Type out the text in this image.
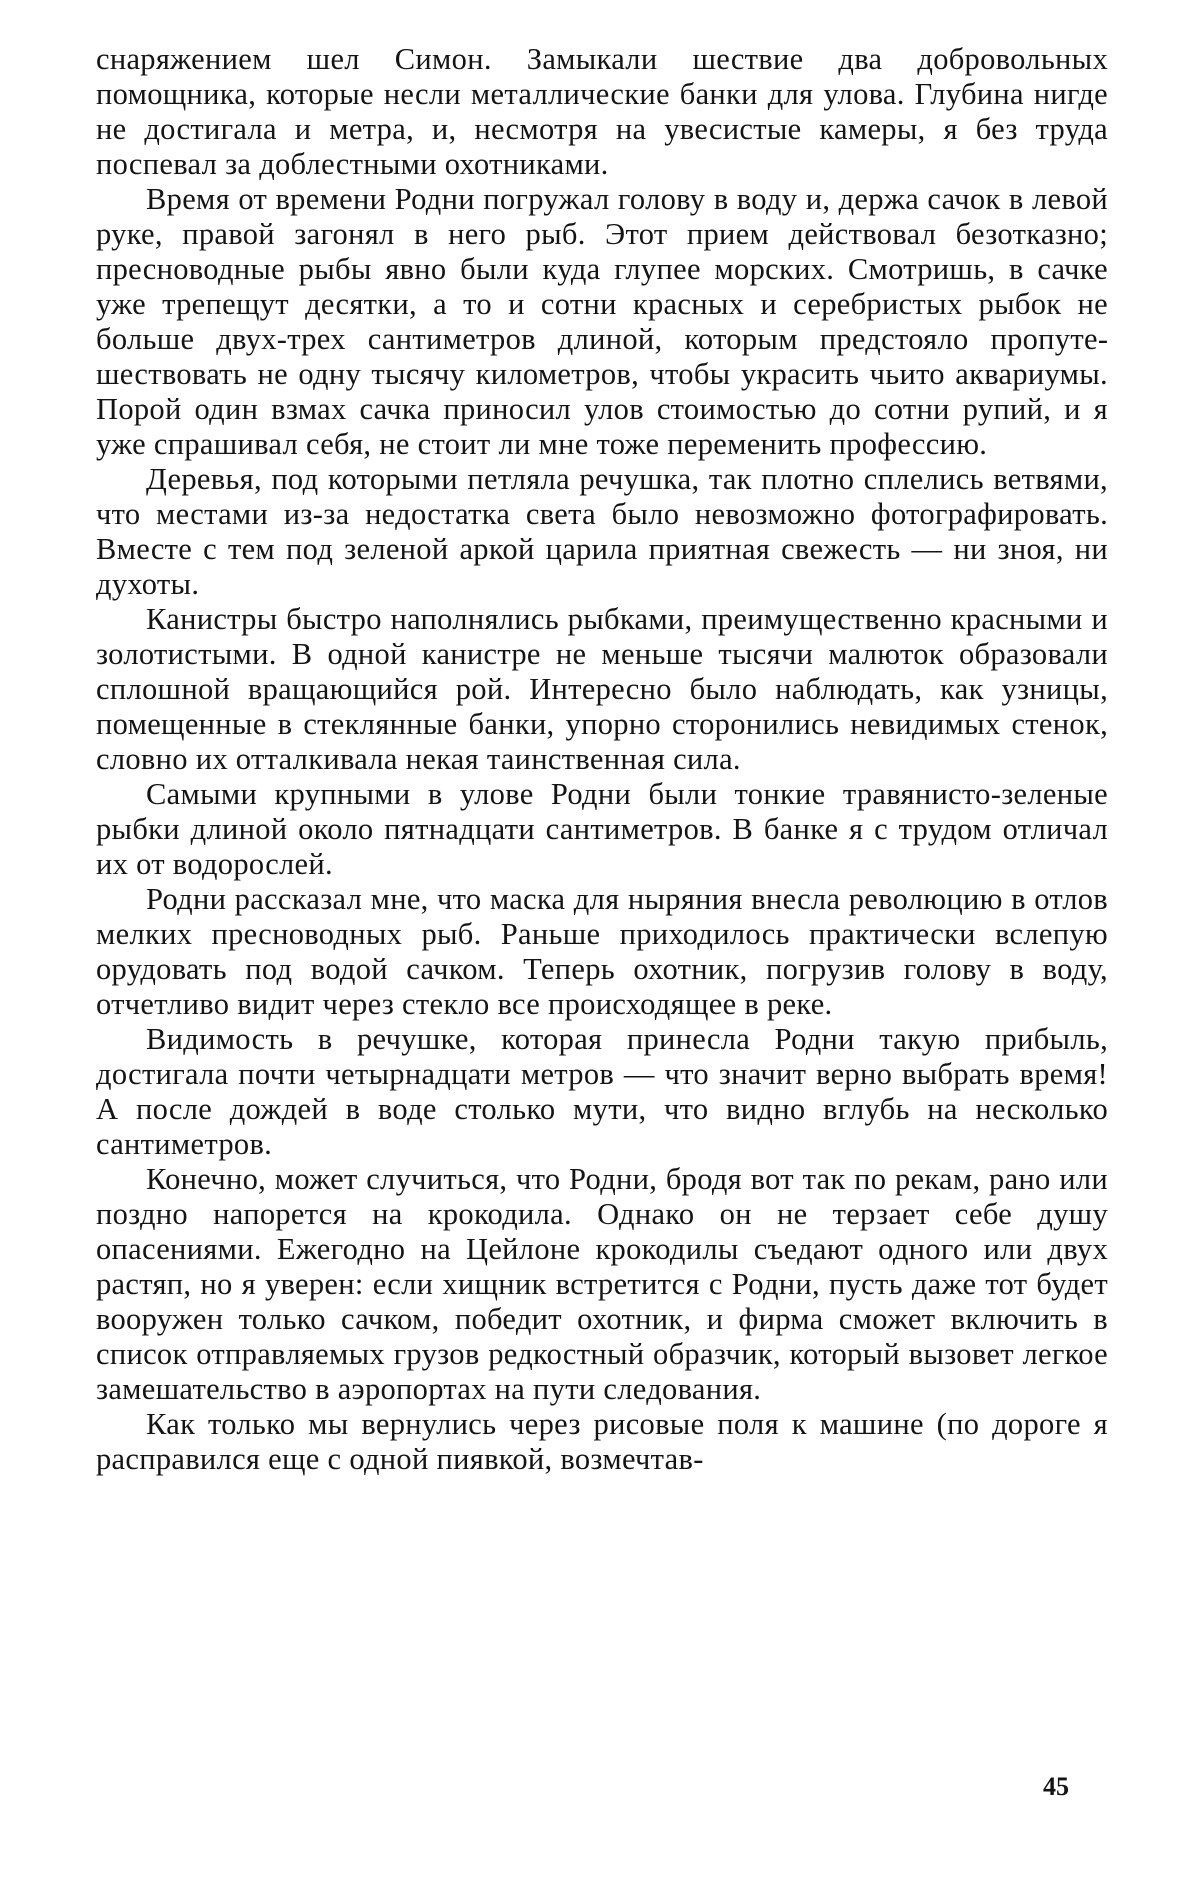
снаряжением шел Симон. Замыкали шествие два добровольных помощника, которые несли металлические банки для улова. Глубина нигде не достигала и метра, и, несмотря на увесистые камеры, я без труда поспевал за доблестными охотниками.

Время от времени Родни погружал голову в воду и, держа сачок в левой руке, правой загонял в него рыб. Этот прием действовал безотказно; пресноводные рыбы явно были куда глупее морских. Смотришь, в сачке уже трепещут десятки, а то и сотни красных и серебристых рыбок не больше двух-трех сантиметров длиной, которым предстояло пропутешествовать не одну тысячу километров, чтобы украсить чьито аквариумы. Порой один взмах сачка приносил улов стоимостью до сотни рупий, и я уже спрашивал себя, не стоит ли мне тоже переменить профессию.

Деревья, под которыми петляла речушка, так плотно сплелись ветвями, что местами из-за недостатка света было невозможно фотографировать. Вместе с тем под зеленой аркой царила приятная свежесть — ни зноя, ни духоты.

Канистры быстро наполнялись рыбками, преимущественно красными и золотистыми. В одной канистре не меньше тысячи малюток образовали сплошной вращающийся рой. Интересно было наблюдать, как узницы, помещенные в стеклянные банки, упорно сторонились невидимых стенок, словно их отталкивала некая таинственная сила.

Самыми крупными в улове Родни были тонкие травянисто-зеленые рыбки длиной около пятнадцати сантиметров. В банке я с трудом отличал их от водорослей.

Родни рассказал мне, что маска для ныряния внесла революцию в отлов мелких пресноводных рыб. Раньше приходилось практически вслепую орудовать под водой сачком. Теперь охотник, погрузив голову в воду, отчетливо видит через стекло все происходящее в реке.

Видимость в речушке, которая принесла Родни такую прибыль, достигала почти четырнадцати метров — что значит верно выбрать время! А после дождей в воде столько мути, что видно вглубь на несколько сантиметров.

Конечно, может случиться, что Родни, бродя вот так по рекам, рано или поздно напорется на крокодила. Однако он не терзает себе душу опасениями. Ежегодно на Цейлоне крокодилы съедают одного или двух растяп, но я уверен: если хищник встретится с Родни, пусть даже тот будет вооружен только сачком, победит охотник, и фирма сможет включить в список отправляемых грузов редкостный образчик, который вызовет легкое замешательство в аэропортах на пути следования.

Как только мы вернулись через рисовые поля к машине (по дороге я расправился еще с одной пиявкой, возмечтав-

45
